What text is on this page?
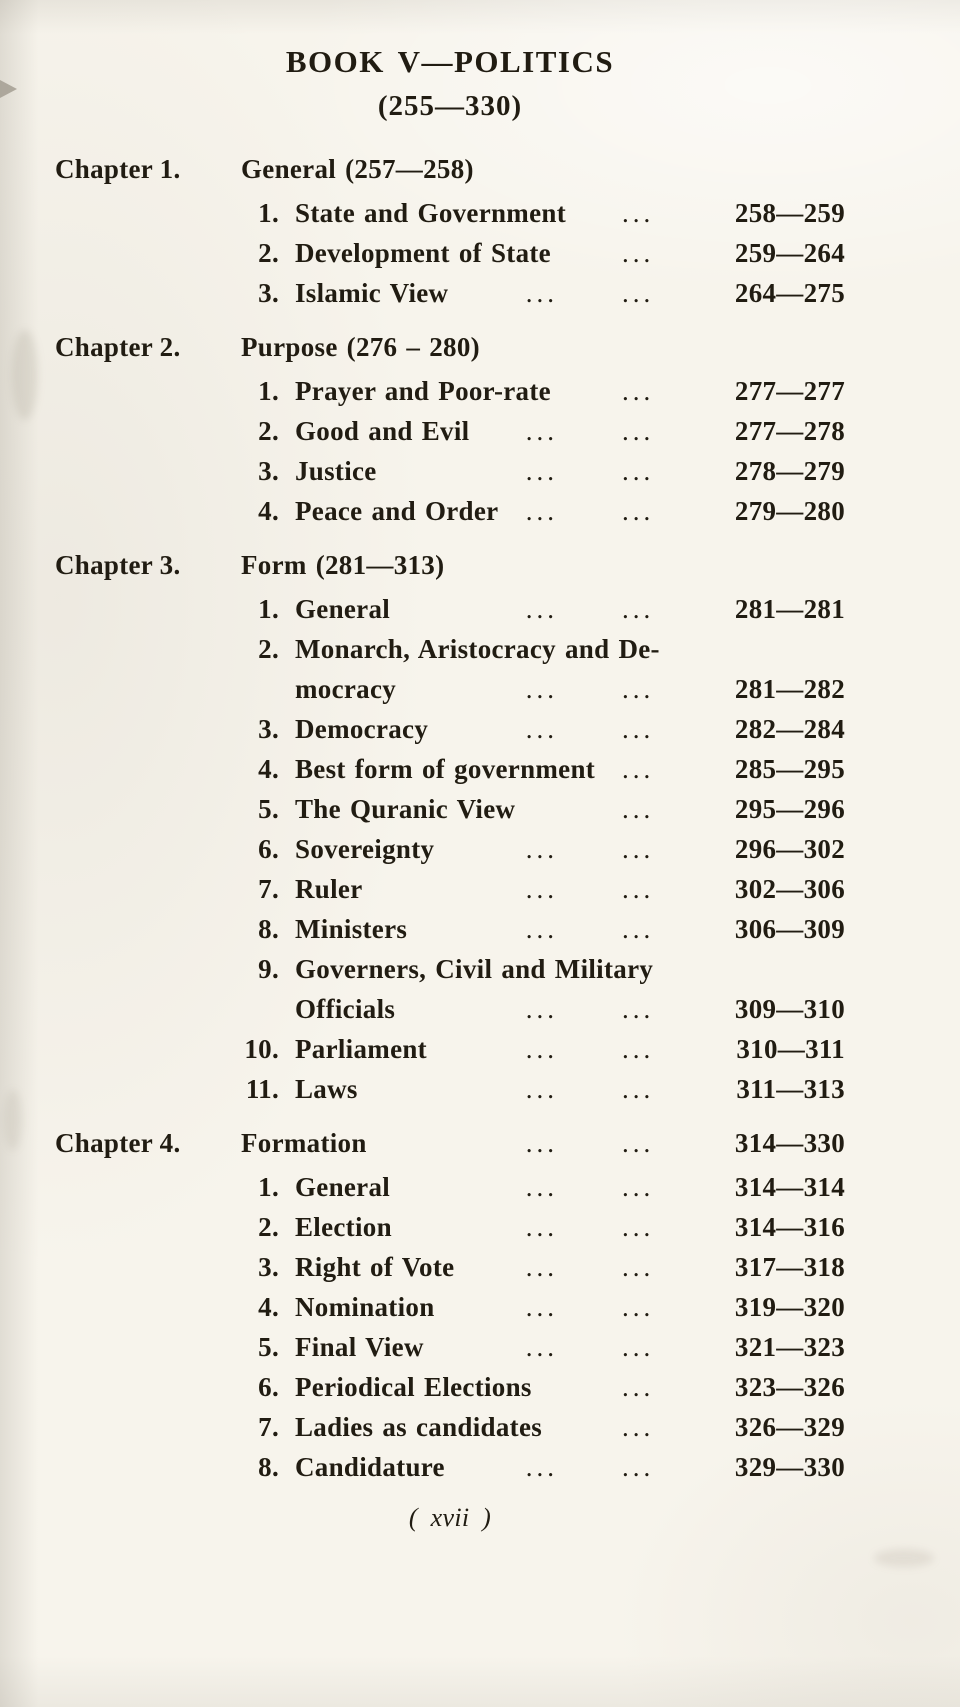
BOOK V—POLITICS
(255—330)
Chapter 1.	General (257—258)
1. State and Government ...	258—259
2. Development of State	...	259—264
3. Islamic View	...	...	264—275
Chapter 2.	Purpose (276 – 280)
1. Prayer and Poor-rate	...	277—277
2. Good and Evil ...	...	277—278
3. Justice	...	...	278—279
4. Peace and Order ...	...	279—280
Chapter 3.	Form (281—313)
1. General	...	...	281—281
2. Monarch, Aristocracy and De-
mocracy	...	...	281—282
3. Democracy	...	...	282—284
4. Best form of government ...	285—295
5. The Quranic View	...	295—296
6. Sovereignty	...	...	296—302
7. Ruler	...	...	302—306
8. Ministers	...	...	306—309
9. Governers, Civil and Military
Officials	...	...	309—310
10. Parliament	...	...	310—311
11. Laws	...	...	311—313
Chapter 4.	Formation	...	...	314—330
1. General	...	...	314—314
2. Election	...	...	314—316
3. Right of Vote	...	...	317—318
4. Nomination	...	...	319—320
5. Final View	...	...	321—323
6. Periodical Elections	...	323—326
7. Ladies as candidates	...	326—329
8. Candidature	...	...	329—330
( xvii )
